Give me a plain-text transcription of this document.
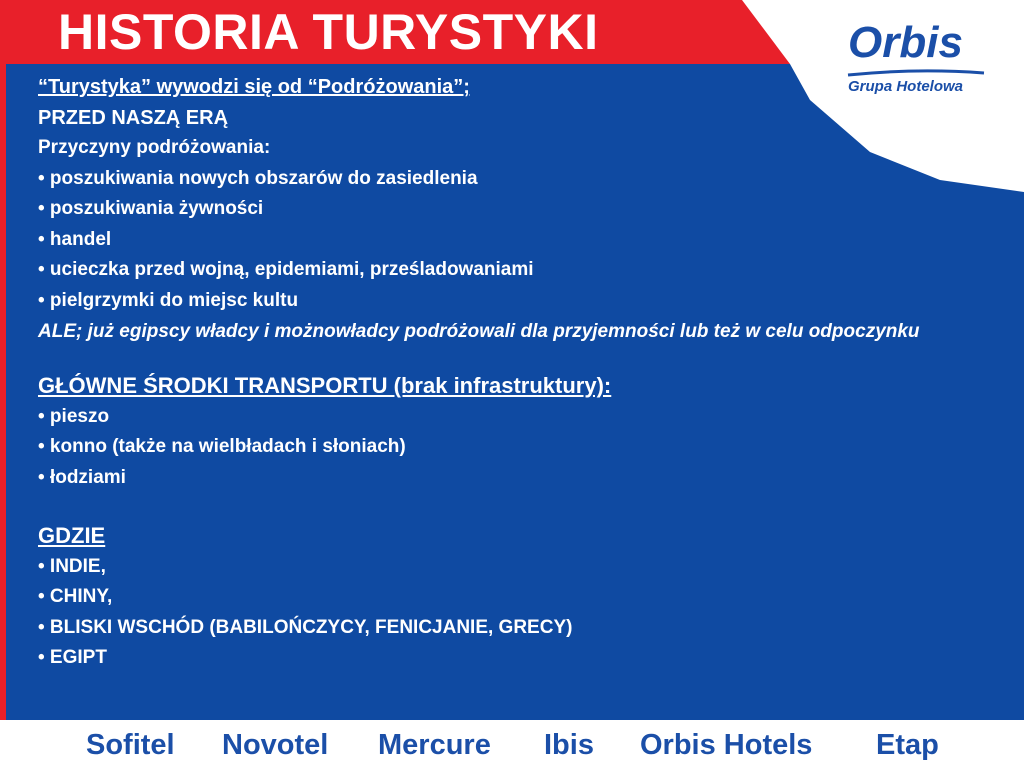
HISTORIA TURYSTYKI	Orbis
Grupa Hotelowa
“Turystyka” wywodzi się od “Podróżowania”;
PRZED NASZĄ ERĄ
Przyczyny podróżowania:
• poszukiwania nowych obszarów do zasiedlenia
• poszukiwania żywności
• handel
• ucieczka przed wojną, epidemiami, prześladowaniami
• pielgrzymki do miejsc kultu
ALE; już egipscy władcy i możnowładcy podróżowali dla przyjemności lub też w celu odpoczynku
GŁÓWNE ŚRODKI TRANSPORTU (brak infrastruktury):
• pieszo
• konno (także na wielbładach i słoniach)
• łodziami
GDZIE
• INDIE,
• CHINY,
• BLISKI WSCHÓD (BABILOŃCZYCY, FENICJANIE, GRECY)
• EGIPT
Sofitel Novotel Mercure Ibis Orbis Hotels Etap
